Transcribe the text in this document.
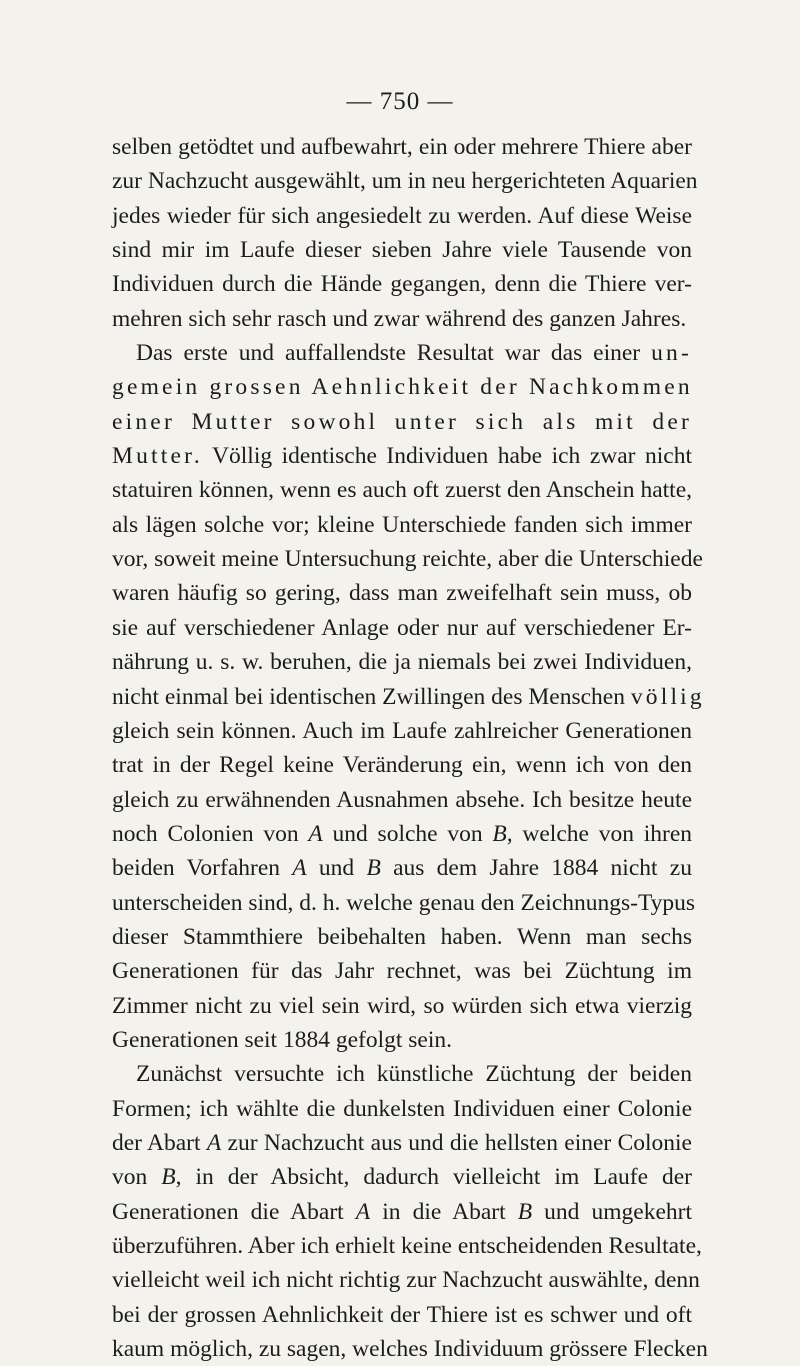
— 750 —
selben getödtet und aufbewahrt, ein oder mehrere Thiere aber
zur Nachzucht ausgewählt, um in neu hergerichteten Aquarien
jedes wieder für sich angesiedelt zu werden. Auf diese Weise
sind mir im Laufe dieser sieben Jahre viele Tausende von
Individuen durch die Hände gegangen, denn die Thiere ver-
mehren sich sehr rasch und zwar während des ganzen Jahres.
Das erste und auffallendste Resultat war das einer un-
gemein grossen Aehnlichkeit der Nachkommen
einer Mutter sowohl unter sich als mit der
Mutter. Völlig identische Individuen habe ich zwar nicht
statuiren können, wenn es auch oft zuerst den Anschein hatte,
als lägen solche vor; kleine Unterschiede fanden sich immer
vor, soweit meine Untersuchung reichte, aber die Unterschiede
waren häufig so gering, dass man zweifelhaft sein muss, ob
sie auf verschiedener Anlage oder nur auf verschiedener Er-
nährung u. s. w. beruhen, die ja niemals bei zwei Individuen,
nicht einmal bei identischen Zwillingen des Menschen völlig
gleich sein können. Auch im Laufe zahlreicher Generationen
trat in der Regel keine Veränderung ein, wenn ich von den
gleich zu erwähnenden Ausnahmen absehe. Ich besitze heute
noch Colonien von A und solche von B, welche von ihren
beiden Vorfahren A und B aus dem Jahre 1884 nicht zu
unterscheiden sind, d. h. welche genau den Zeichnungs-Typus
dieser Stammthiere beibehalten haben. Wenn man sechs
Generationen für das Jahr rechnet, was bei Züchtung im
Zimmer nicht zu viel sein wird, so würden sich etwa vierzig
Generationen seit 1884 gefolgt sein.
Zunächst versuchte ich künstliche Züchtung der beiden
Formen; ich wählte die dunkelsten Individuen einer Colonie
der Abart A zur Nachzucht aus und die hellsten einer Colonie
von B, in der Absicht, dadurch vielleicht im Laufe der
Generationen die Abart A in die Abart B und umgekehrt
überzuführen. Aber ich erhielt keine entscheidenden Resultate,
vielleicht weil ich nicht richtig zur Nachzucht auswählte, denn
bei der grossen Aehnlichkeit der Thiere ist es schwer und oft
kaum möglich, zu sagen, welches Individuum grössere Flecken
